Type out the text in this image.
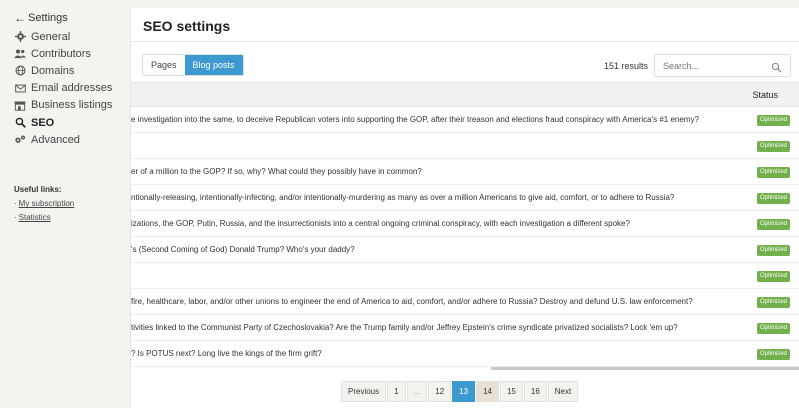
← Settings
General
Contributors
Domains
Email addresses
Business listings
SEO
Advanced
Useful links:
· My subscription
· Statistics
SEO settings
Pages	Blog posts	151 results
Search...
Status
e investigation into the same, to deceive Republican voters into supporting the GOP, after their treason and elections fraud conspiracy with America's #1 enemy?	Optimized
Optimized
er of a million to the GOP? If so, why? What could they possibly have in common?	Optimized
ntionally-releasing, intentionally-infecting, and/or intentionally-murdering as many as over a million Americans to give aid, comfort, or to adhere to Russia?	Optimized
izations, the GOP, Putin, Russia, and the insurrectionists into a central ongoing criminal conspiracy, with each investigation a different spoke?	Optimized
's (Second Coming of God) Donald Trump? Who's your daddy?	Optimized
Optimized
fire, healthcare, labor, and/or other unions to engineer the end of America to aid, comfort, and/or adhere to Russia? Destroy and defund U.S. law enforcement?	Optimized
tivities linked to the Communist Party of Czechoslovakia? Are the Trump family and/or Jeffrey Epstein's crime syndicate privatized socialists? Lock 'em up?	Optimized
? Is POTUS next? Long live the kings of the firm grift?	Optimized
Previous	1	...	12	13	14	15	16	Next
